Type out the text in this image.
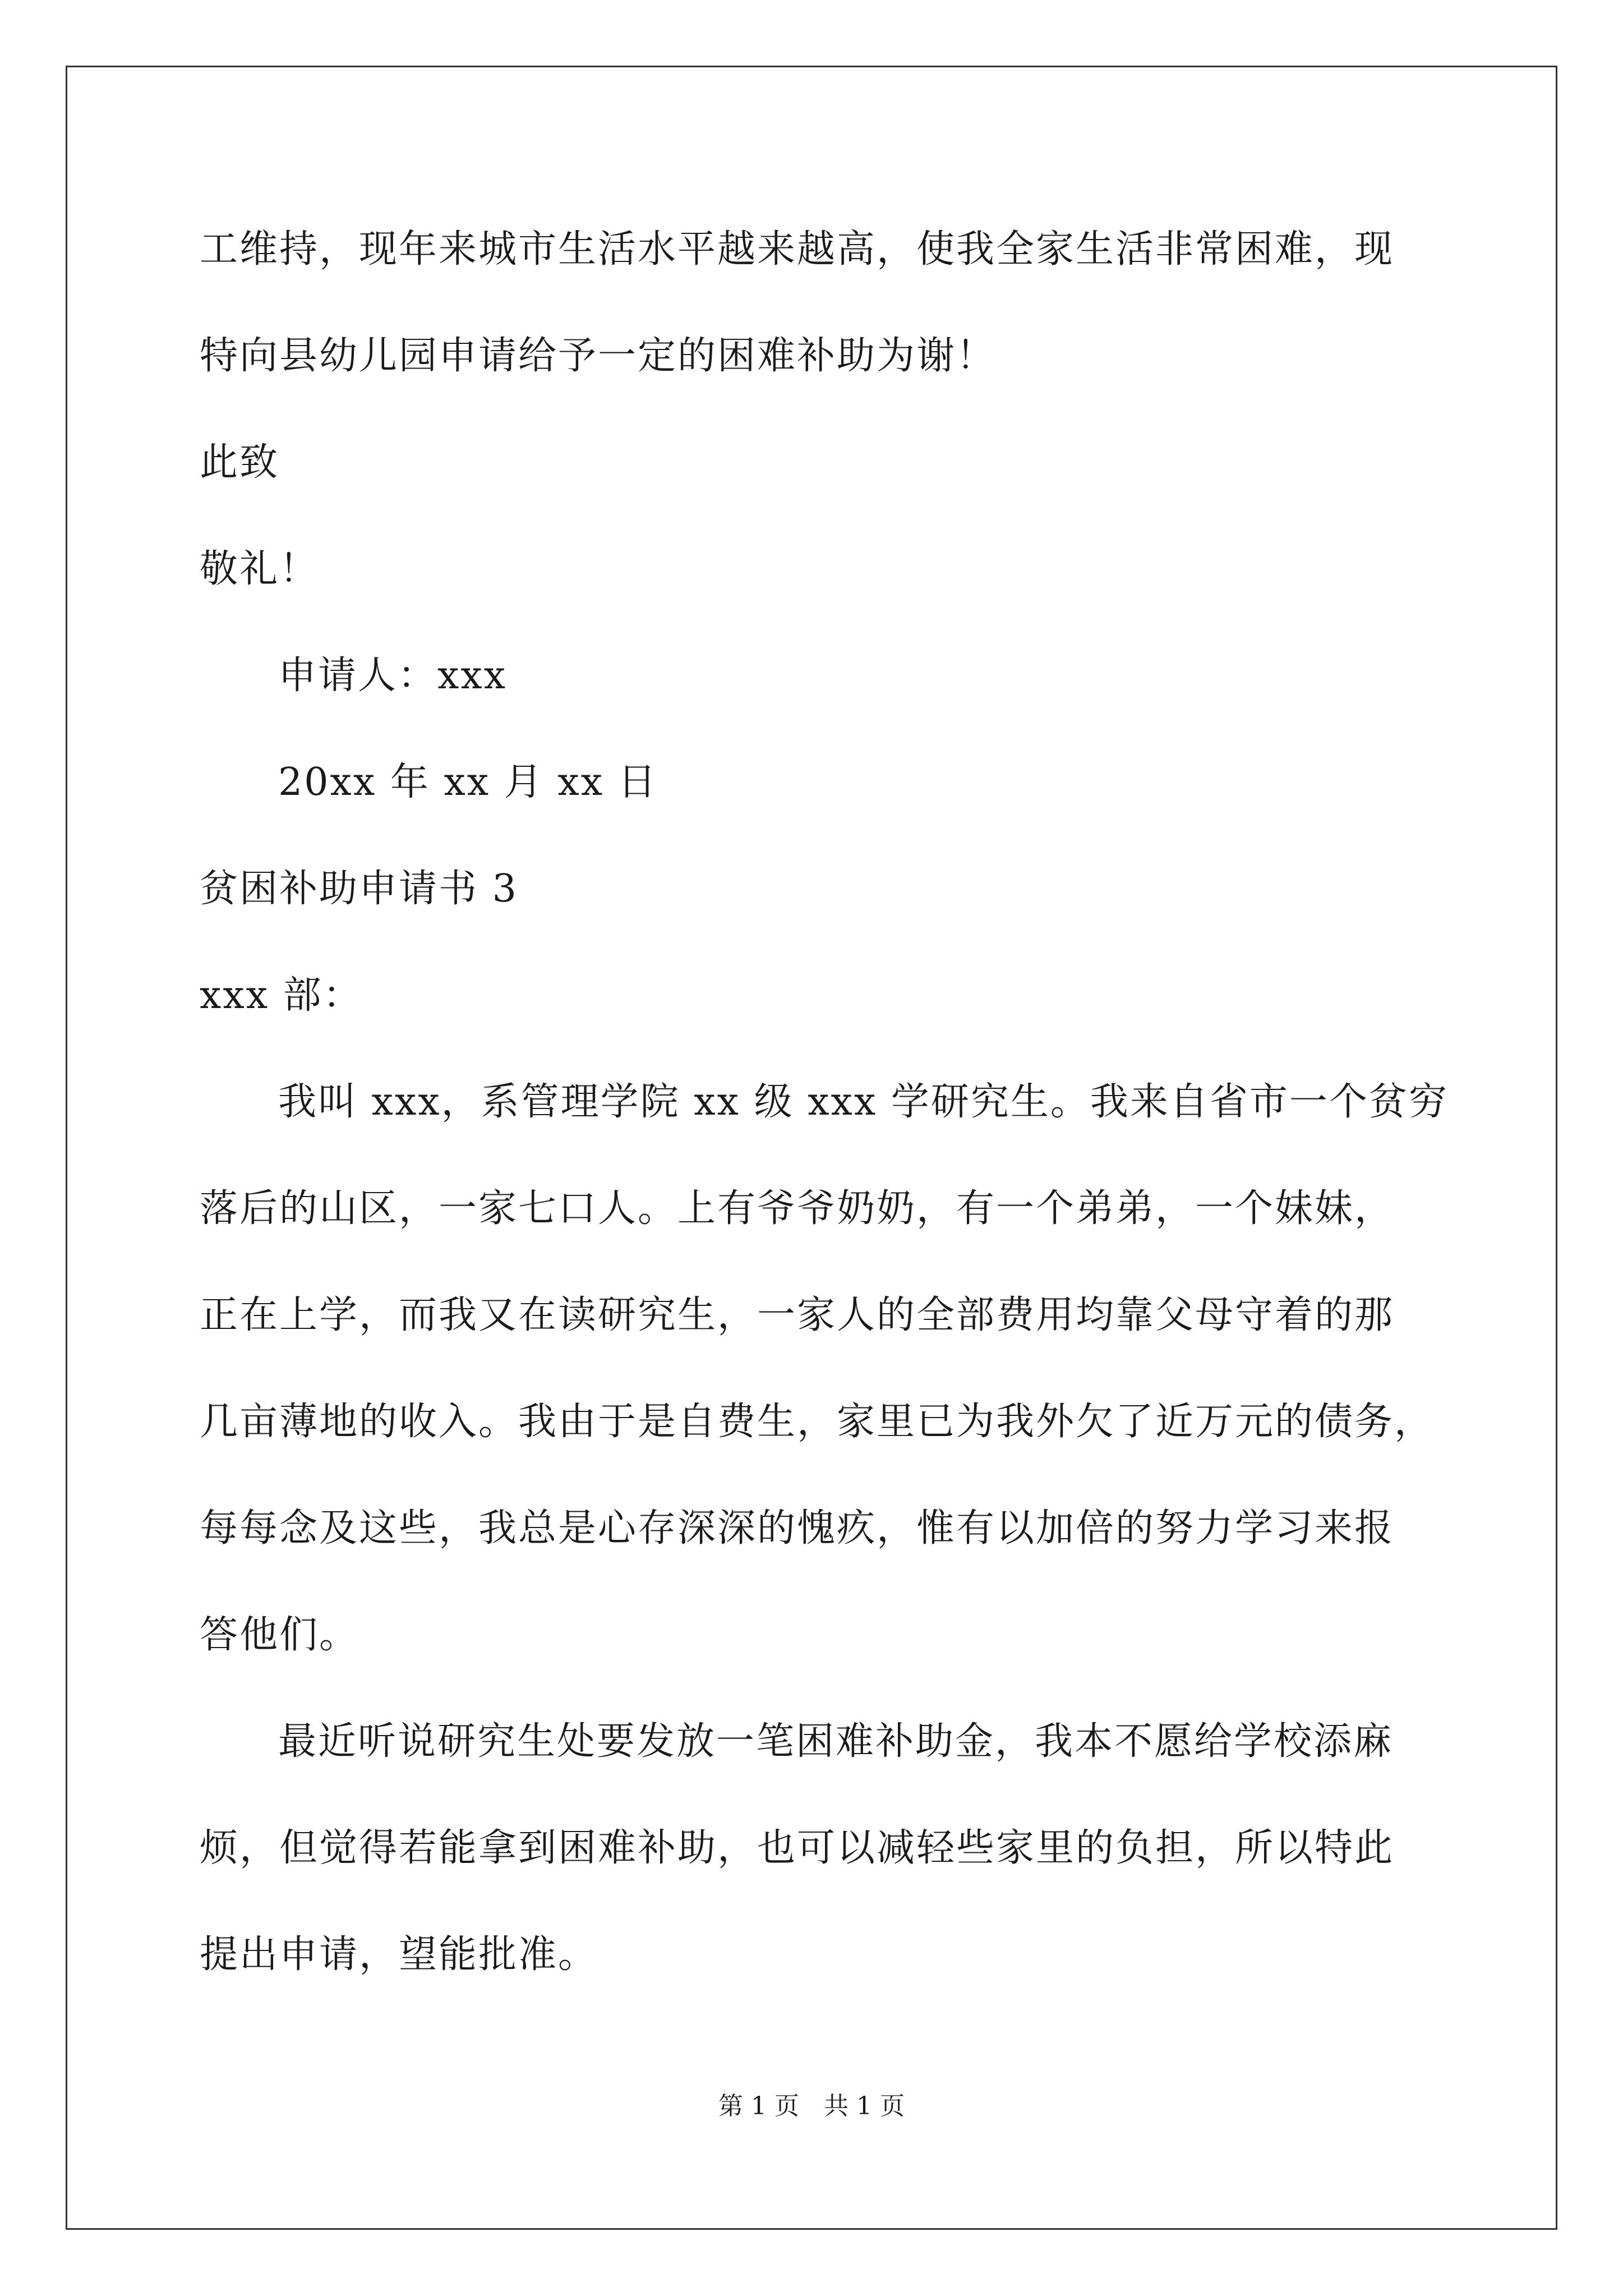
工维持，现年来城市生活水平越来越高，使我全家生活非常困难，现
特向县幼儿园申请给予一定的困难补助为谢！
此致
敬礼！
申请人：xxx
20xx 年 xx 月 xx 日
贫困补助申请书 3
xxx 部：
我叫 xxx，系管理学院 xx 级 xxx 学研究生。我来自省市一个贫穷
落后的山区，一家七口人。上有爷爷奶奶，有一个弟弟，一个妹妹，
正在上学，而我又在读研究生，一家人的全部费用均靠父母守着的那
几亩薄地的收入。我由于是自费生，家里已为我外欠了近万元的债务，
每每念及这些，我总是心存深深的愧疚，惟有以加倍的努力学习来报
答他们。
最近听说研究生处要发放一笔困难补助金，我本不愿给学校添麻
烦，但觉得若能拿到困难补助，也可以减轻些家里的负担，所以特此
提出申请，望能批准。
第 1 页　共 1 页
